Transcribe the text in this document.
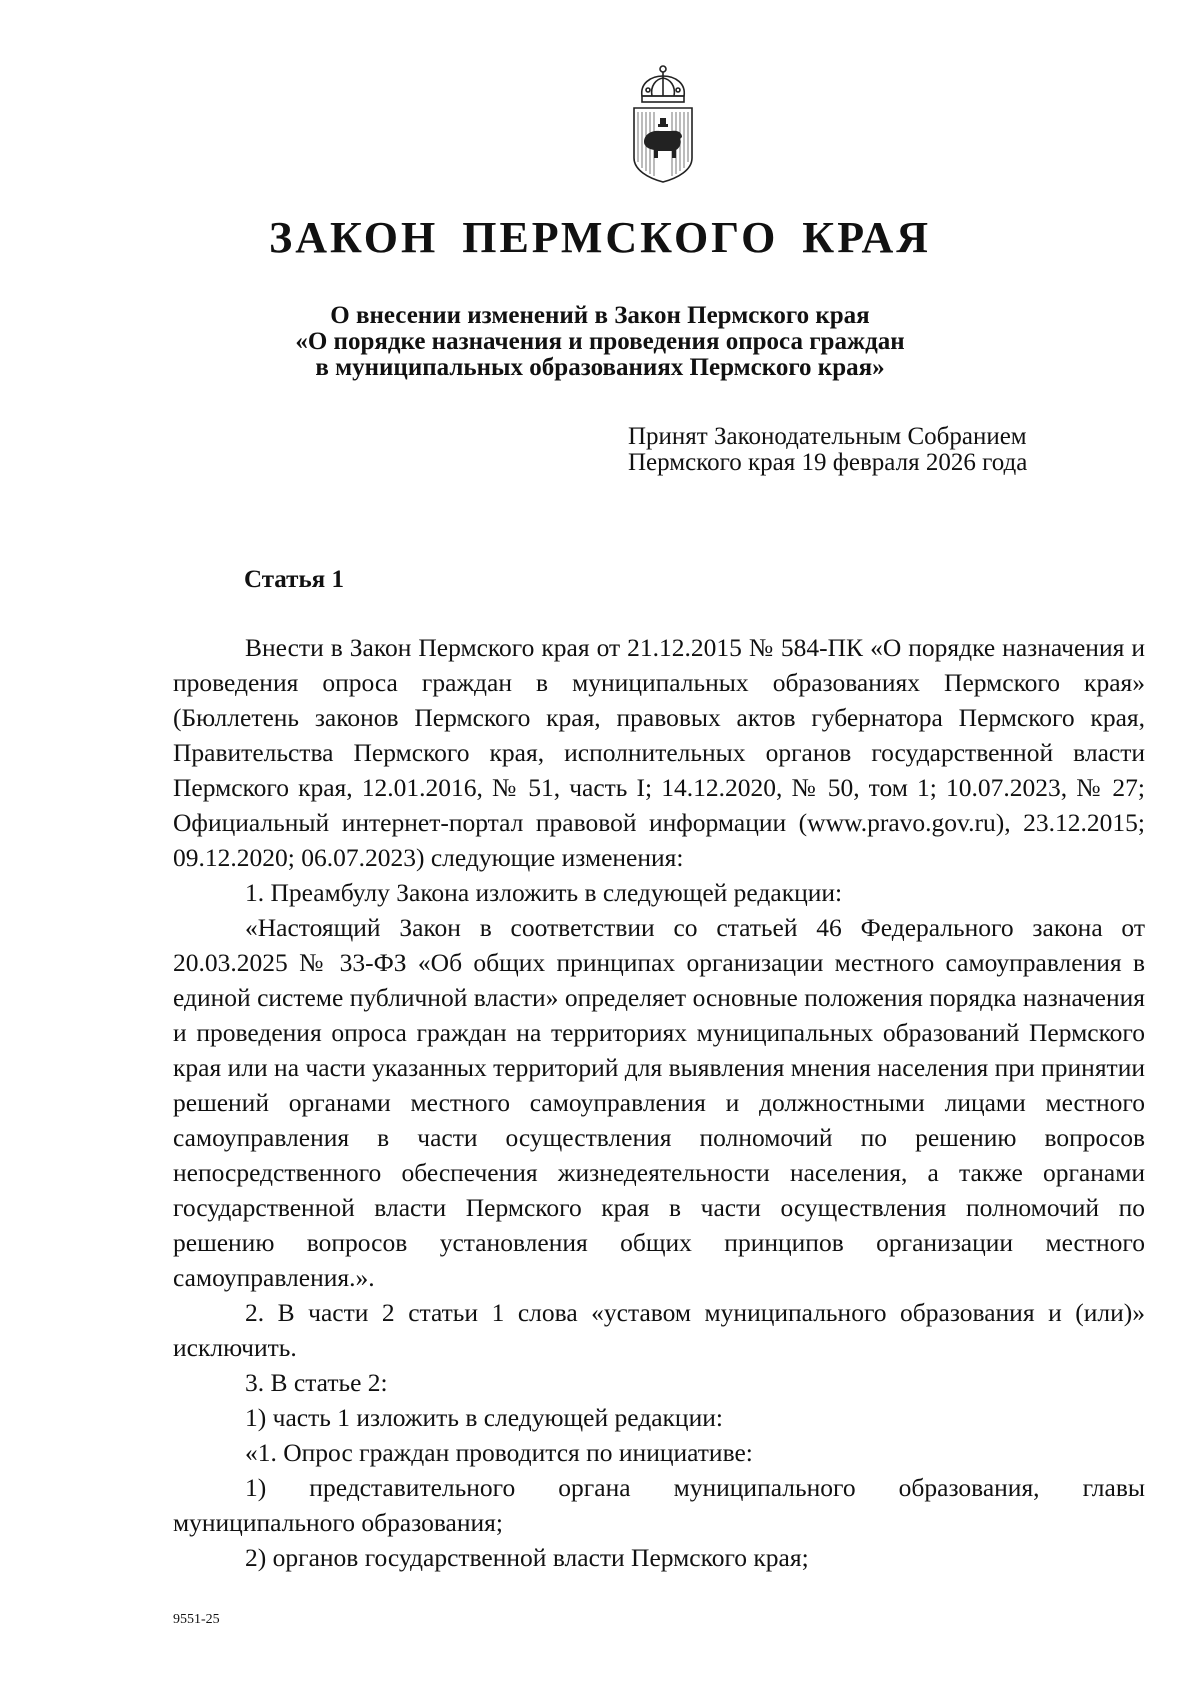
ЗАКОН ПЕРМСКОГО КРАЯ
О внесении изменений в Закон Пермского края
«О порядке назначения и проведения опроса граждан
в муниципальных образованиях Пермского края»
Принят Законодательным Собранием
Пермского края 19 февраля 2026 года
Статья 1

Внести в Закон Пермского края от 21.12.2015 № 584-ПК «О порядке назначения и проведения опроса граждан в муниципальных образованиях Пермского края» (Бюллетень законов Пермского края, правовых актов губернатора Пермского края, Правительства Пермского края, исполнительных органов государственной власти Пермского края, 12.01.2016, № 51, часть I; 14.12.2020, № 50, том 1; 10.07.2023, № 27; Официальный интернет-портал правовой информации (www.pravo.gov.ru), 23.12.2015; 09.12.2020; 06.07.2023) следующие изменения:

1. Преамбулу Закона изложить в следующей редакции:

«Настоящий Закон в соответствии со статьей 46 Федерального закона от 20.03.2025 № 33-ФЗ «Об общих принципах организации местного самоуправления в единой системе публичной власти» определяет основные положения порядка назначения и проведения опроса граждан на территориях муниципальных образований Пермского края или на части указанных территорий для выявления мнения населения при принятии решений органами местного самоуправления и должностными лицами местного самоуправления в части осуществления полномочий по решению вопросов непосредственного обеспечения жизнедеятельности населения, а также органами государственной власти Пермского края в части осуществления полномочий по решению вопросов установления общих принципов организации местного самоуправления.».

2. В части 2 статьи 1 слова «уставом муниципального образования и (или)» исключить.

3. В статье 2:

1) часть 1 изложить в следующей редакции:

«1. Опрос граждан проводится по инициативе:

1) представительного органа муниципального образования, главы муниципального образования;

2) органов государственной власти Пермского края;

9551-25
